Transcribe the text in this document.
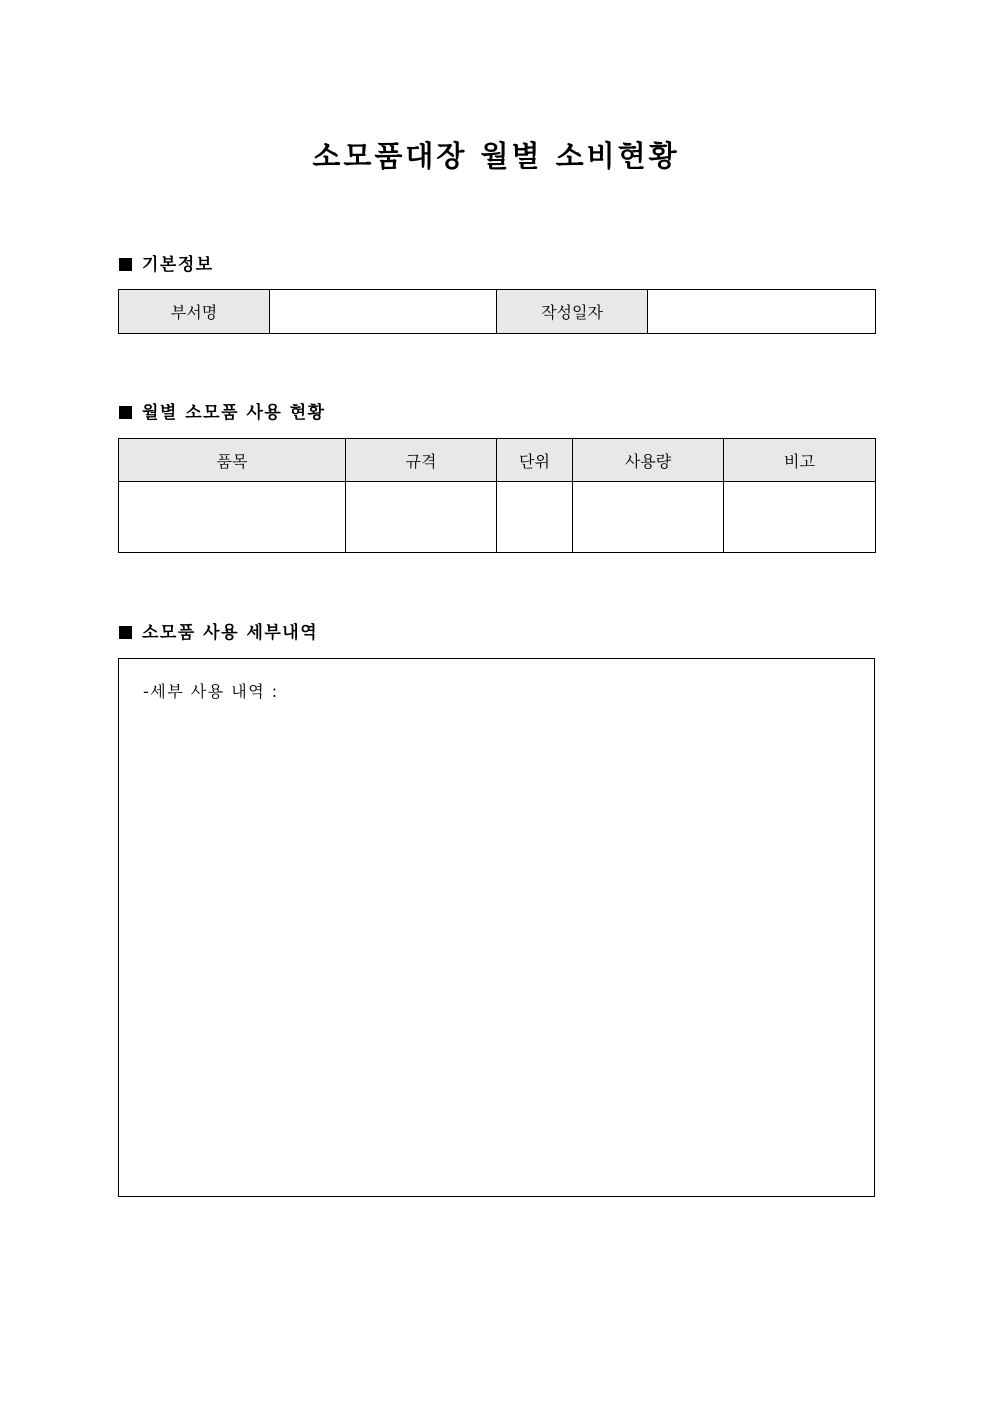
소모품대장 월별 소비현황
기본정보
부서명		작성일자	
월별 소모품 사용 현황
품목	규격	단위	사용량	비고

소모품 사용 세부내역
-세부 사용 내역 :
